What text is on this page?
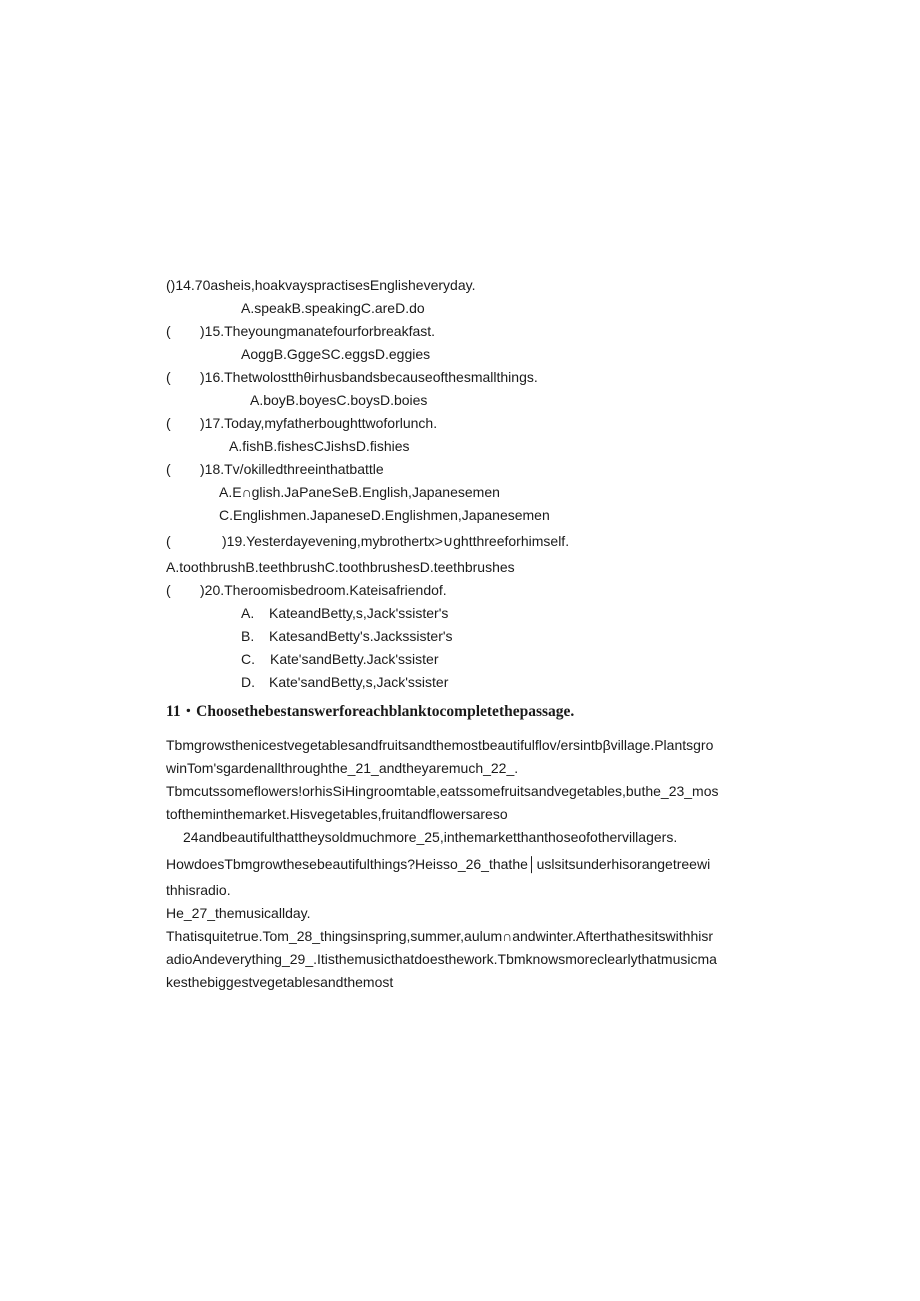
()14.70asheis,hoakvayspractisesEnglisheveryday.
A.speakB.speakingC.areD.do
( )15.Theyoungmanatefourforbreakfast.
AoggB.GggeSC.eggsD.eggies
( )16.Thetwolostthθirhusbandsbecauseofthesmallthings.
A.boyB.boyesC.boysD.boies
( )17.Today,myfatherboughttwoforlunch.
A.fishB.fishesCJishsD.fishies
( )18.Tv/okilledthreeinthatbattle
A.E∩glish.JaPaneSeB.English,Japanesemen
C.Englishmen.JapaneseD.Englishmen,Japanesemen
(	)19.Yesterdayevening,mybrothertx>∪ghtthreeforhimself.
A.toothbrushB.teethbrushC.toothbrushesD.teethbrushes
( )20.Theroomisbedroom.Kateisafriendof.
A. KateandBetty,s,Jack'ssister's
B. KatesandBetty's.Jackssister's
C. Kate'sandBetty.Jack'ssister
D. Kate'sandBetty,s,Jack'ssister
11・Choosethebestanswerforeachblanktocompletethepassage.
Tbmgrowsthenicestvegetablesandfruitsandthemostbeautifulflov/ersintbβvillage.Plantsgro
winTom'sgardenallthroughthe_21_andtheyaremuch_22_.
Tbmcutssomeflowers!orhisSiHingroomtable,eatssomefruitsandvegetables,buthe_23_mos
toftheminthemarket.Hisvegetables,fruitandflowersareso
24andbeautifulthattheysoldmuchmore_25,inthemarketthanthoseofothervillagers.
HowdoesTbmgrowthesebeautifulthings?Heisso_26_thathe│uslsitsunderhisorangetreewi
thhisradio.
He_27_themusicallday.
Thatisquitetrue.Tom_28_thingsinspring,summer,aulum∩andwinter.Afterthathesitswithhisr
adioAndeverything_29_.Itisthemusicthatdoesthework.Tbmknowsmoreclearlythatmusicma
kesthebiggestvegetablesandthemost
